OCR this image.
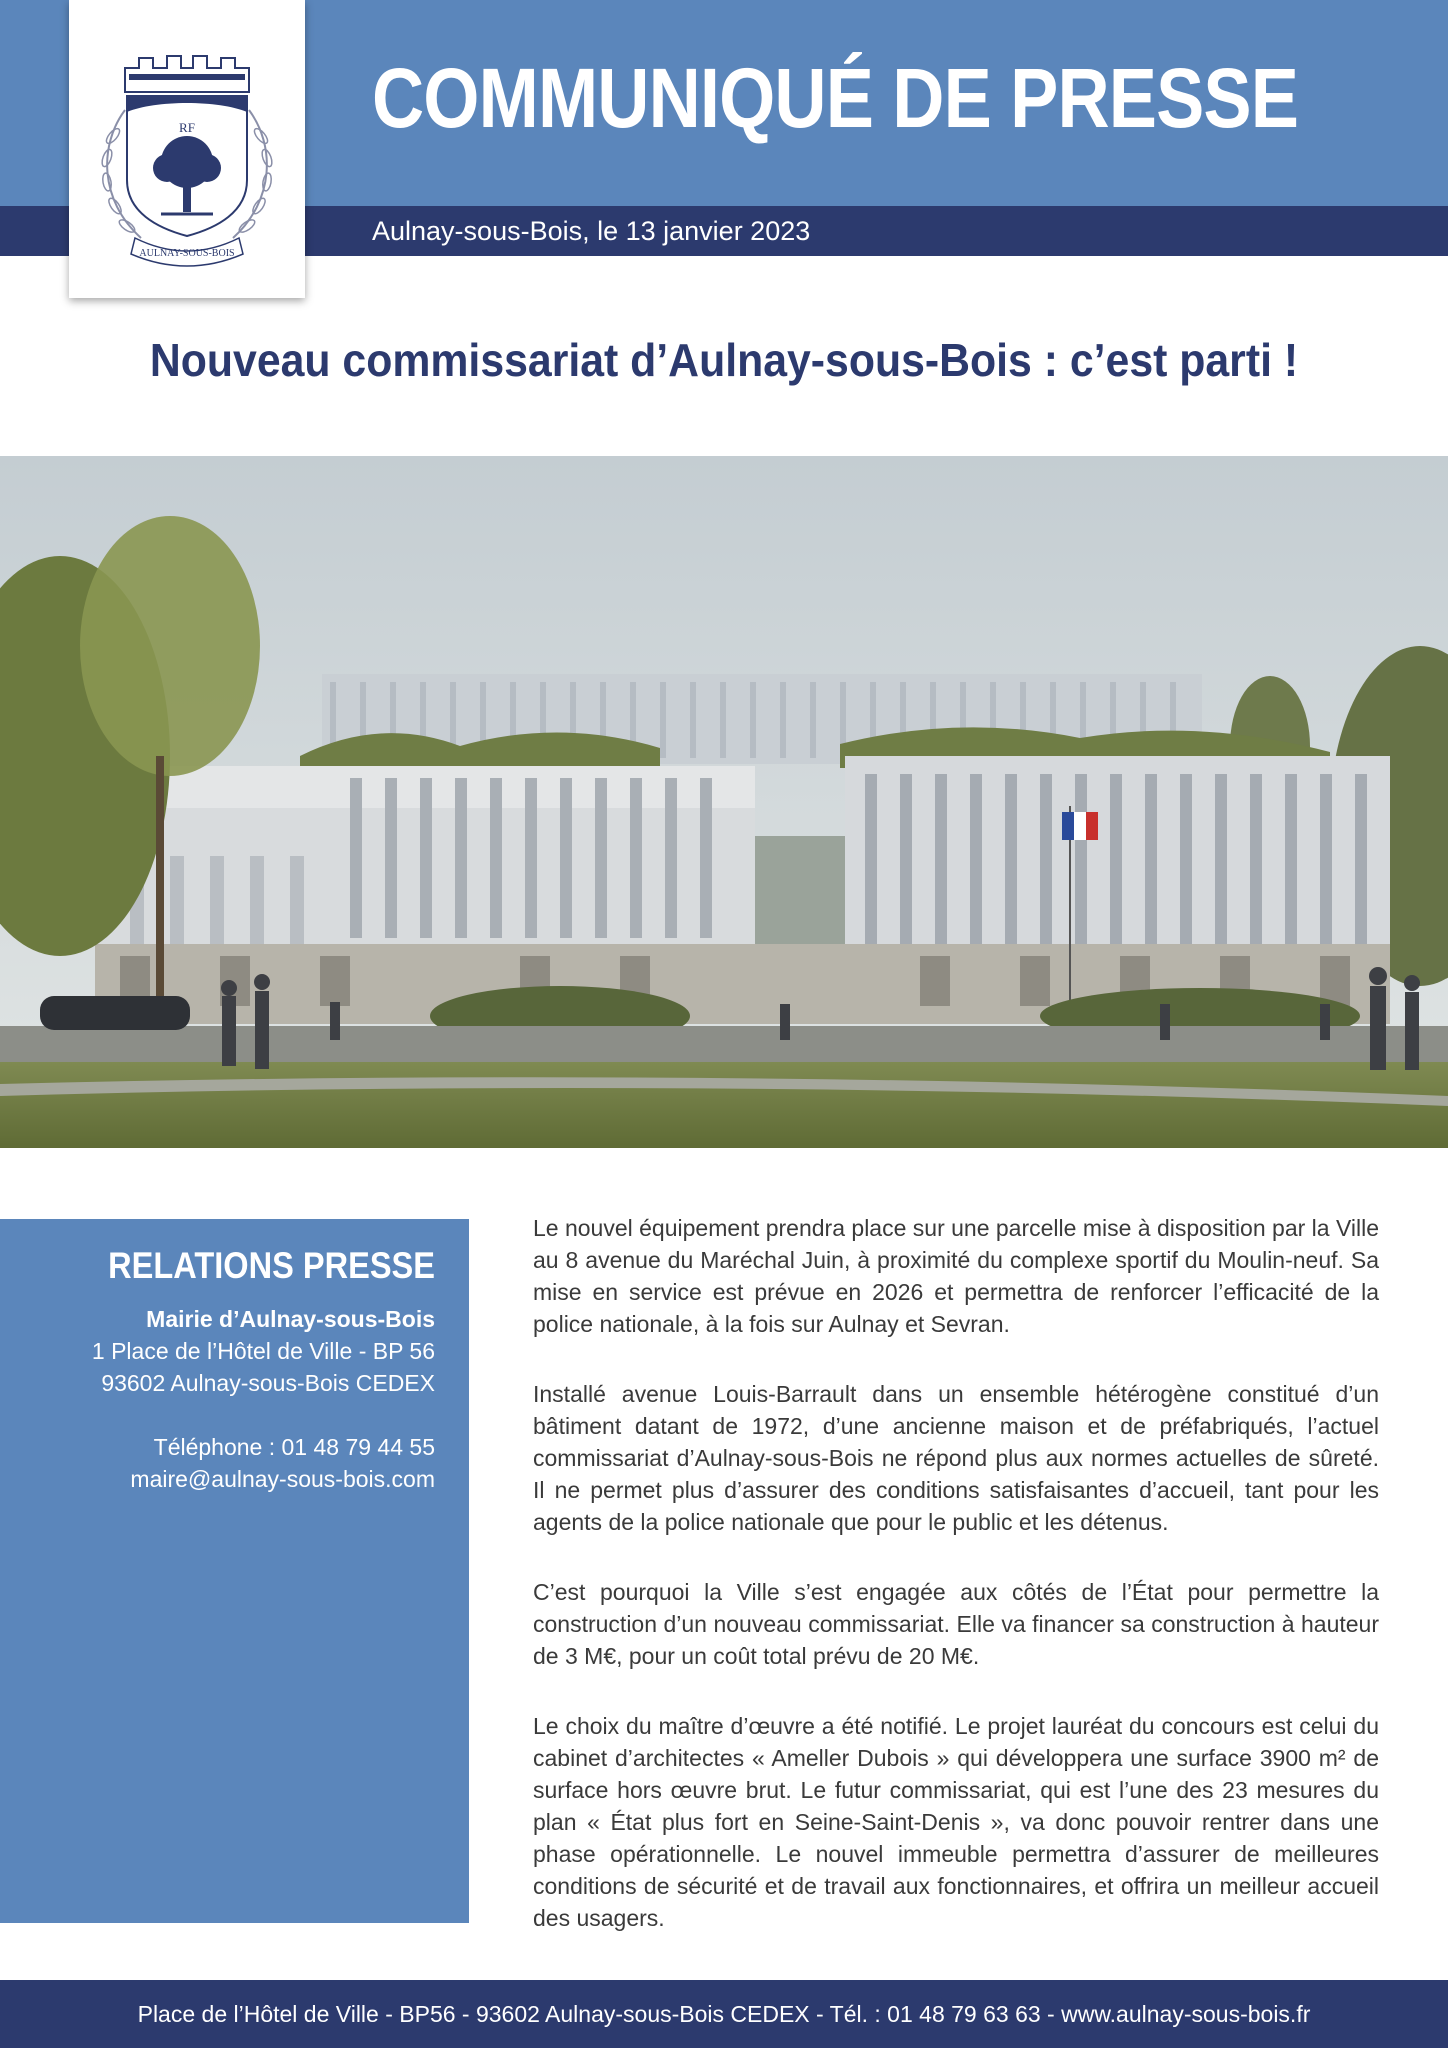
COMMUNIQUÉ DE PRESSE
Aulnay-sous-Bois, le 13 janvier 2023
RF
AULNAY-SOUS-BOIS
Nouveau commissariat d’Aulnay-sous-Bois : c’est parti !
RELATIONS PRESSE

Mairie d’Aulnay-sous-Bois

1 Place de l’Hôtel de Ville - BP 56

93602 Aulnay-sous-Bois CEDEX

Téléphone : 01 48 79 44 55

maire@aulnay-sous-bois.com

Le nouvel équipement prendra place sur une parcelle mise à disposition par la Ville au 8 avenue du Maréchal Juin, à proximité du complexe sportif du Moulin-neuf. Sa mise en service est prévue en 2026 et permettra de renforcer l’efficacité de la police nationale, à la fois sur Aulnay et Sevran.

Installé avenue Louis-Barrault dans un ensemble hétérogène constitué d’un bâtiment datant de 1972, d’une ancienne maison et de préfabriqués, l’actuel commissariat d’Aulnay-sous-Bois ne répond plus aux normes actuelles de sûreté. Il ne permet plus d’assurer des conditions satisfaisantes d’accueil, tant pour les agents de la police nationale que pour le public et les détenus.

C’est pourquoi la Ville s’est engagée aux côtés de l’État pour permettre la construction d’un nouveau commissariat. Elle va financer sa construction à hauteur de 3 M€, pour un coût total prévu de 20 M€.

Le choix du maître d’œuvre a été notifié. Le projet lauréat du concours est celui du cabinet d’architectes « Ameller Dubois » qui développera une surface 3900 m² de surface hors œuvre brut. Le futur commissariat, qui est l’une des 23 mesures du plan « État plus fort en Seine-Saint-Denis », va donc pouvoir rentrer dans une phase opérationnelle. Le nouvel immeuble permettra d’assurer de meilleures conditions de sécurité et de travail aux fonctionnaires, et offrira un meilleur accueil des usagers.

Place de l’Hôtel de Ville - BP56 - 93602 Aulnay-sous-Bois CEDEX - Tél. : 01 48 79 63 63 - www.aulnay-sous-bois.fr
